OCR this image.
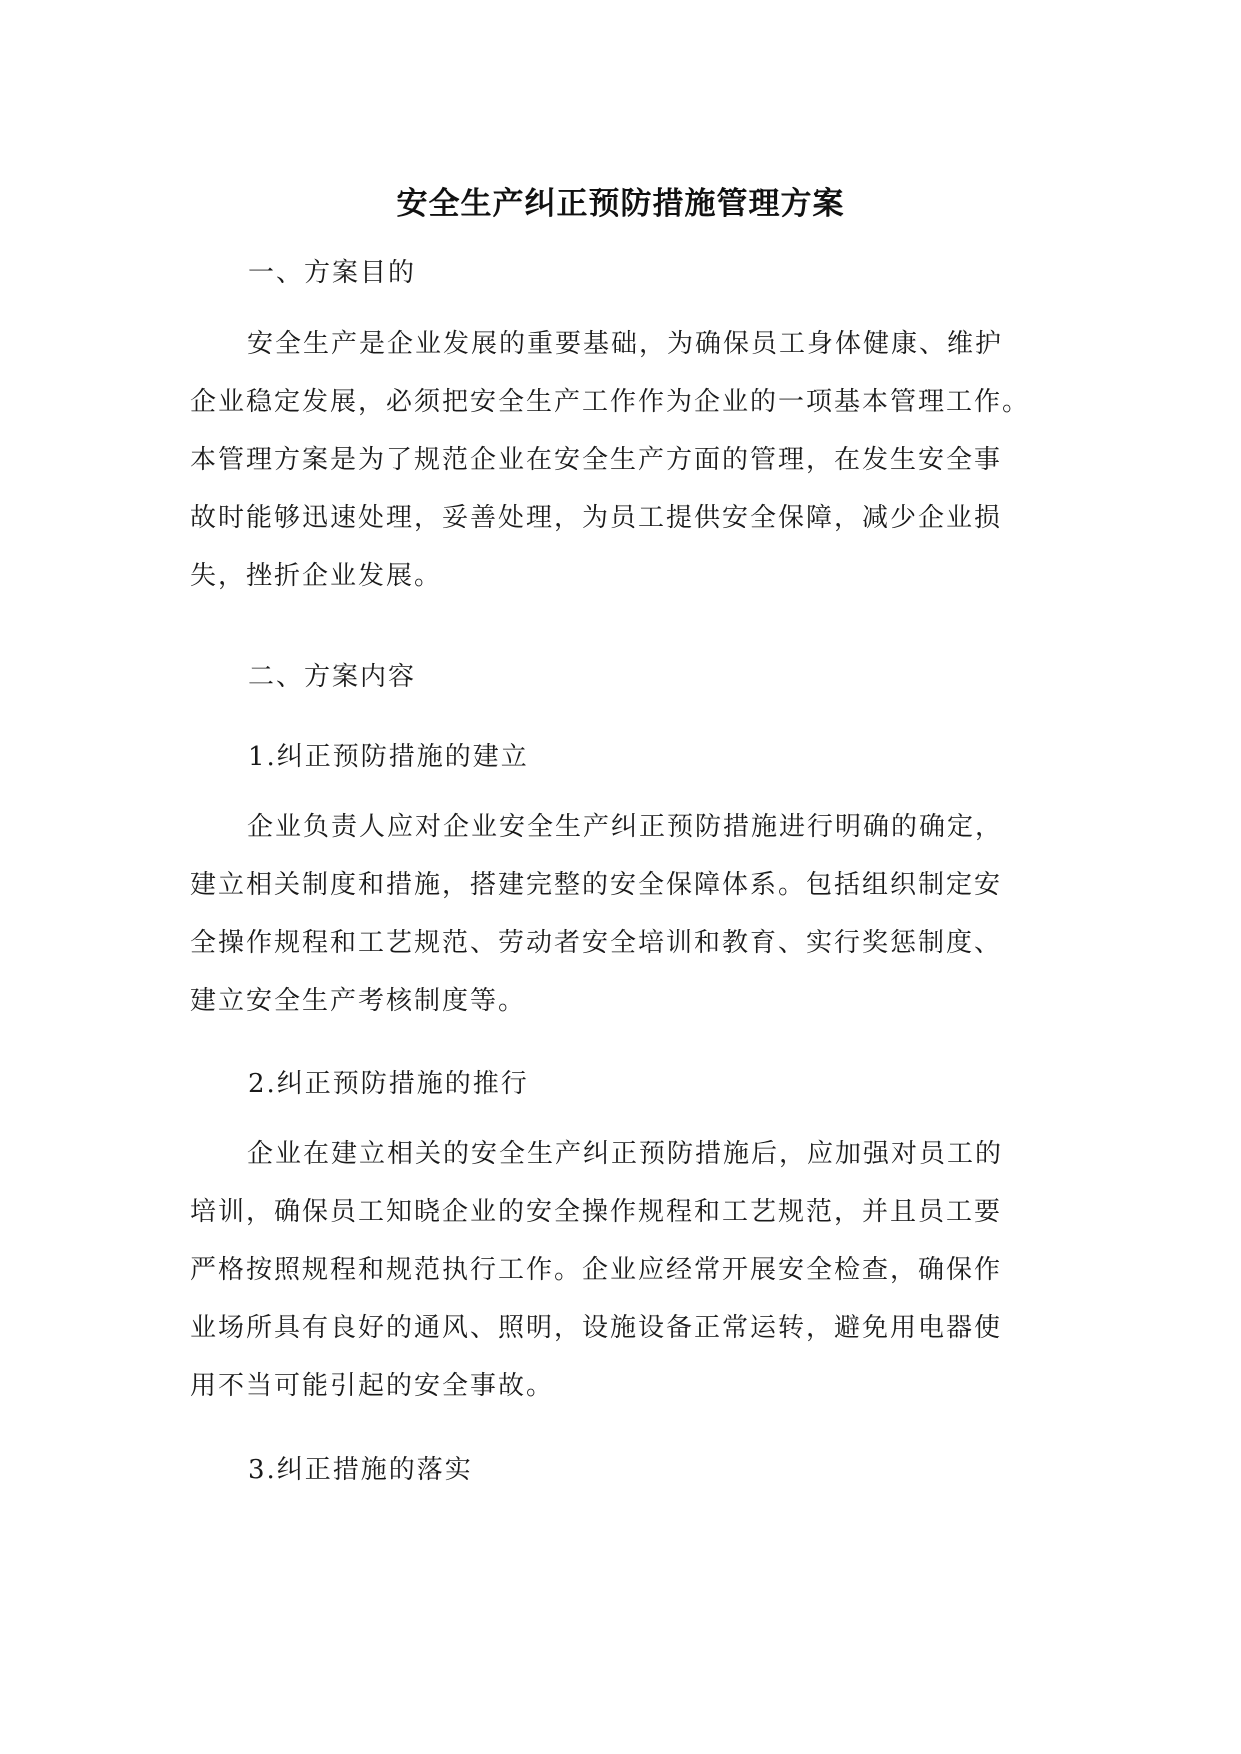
安全生产纠正预防措施管理方案

一、方案目的

安全生产是企业发展的重要基础，为确保员工身体健康、维护
企业稳定发展，必须把安全生产工作作为企业的一项基本管理工作。
本管理方案是为了规范企业在安全生产方面的管理，在发生安全事
故时能够迅速处理，妥善处理，为员工提供安全保障，减少企业损
失，挫折企业发展。

二、方案内容

1.纠正预防措施的建立

企业负责人应对企业安全生产纠正预防措施进行明确的确定，
建立相关制度和措施，搭建完整的安全保障体系。包括组织制定安
全操作规程和工艺规范、劳动者安全培训和教育、实行奖惩制度、
建立安全生产考核制度等。

2.纠正预防措施的推行

企业在建立相关的安全生产纠正预防措施后，应加强对员工的
培训，确保员工知晓企业的安全操作规程和工艺规范，并且员工要
严格按照规程和规范执行工作。企业应经常开展安全检查，确保作
业场所具有良好的通风、照明，设施设备正常运转，避免用电器使
用不当可能引起的安全事故。

3.纠正措施的落实
